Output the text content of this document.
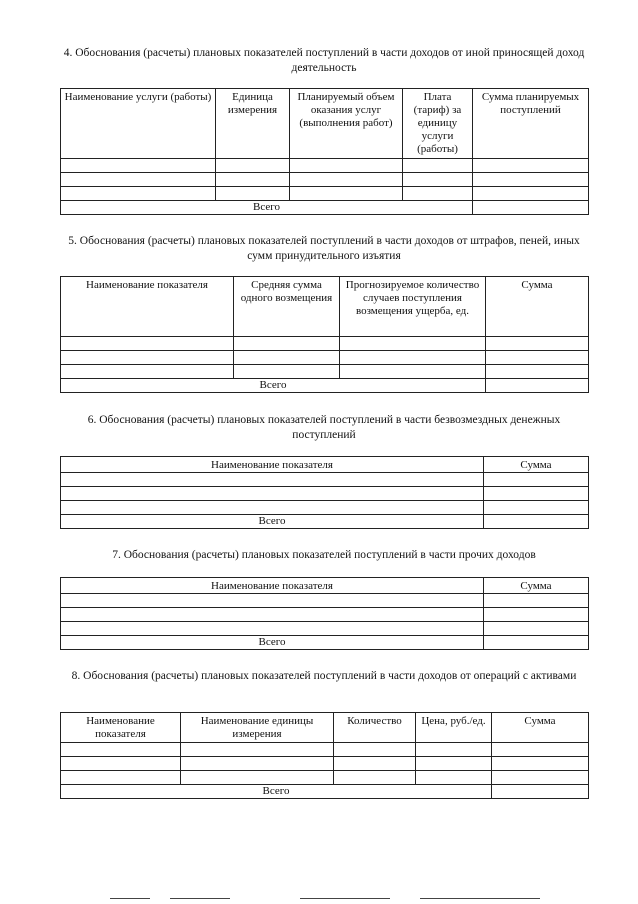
4. Обоснования (расчеты) плановых показателей поступлений в части доходов от иной приносящей доход деятельность
Наименование услуги (работы)	Единица измерения	Планируемый объем оказания услуг (выполнения работ)	Плата (тариф) за единицу услуги (работы)	Сумма планируемых поступлений

Всего				
5. Обоснования (расчеты) плановых показателей поступлений в части доходов от штрафов, пеней, иных сумм принудительного изъятия
Наименование показателя	Средняя сумма одного возмещения	Прогнозируемое количество случаев поступления возмещения ущерба, ед.	Сумма

Всего			
6. Обоснования (расчеты) плановых показателей поступлений в части безвозмездных денежных поступлений
Наименование показателя	Сумма

Всего	
7. Обоснования (расчеты) плановых показателей поступлений в части прочих доходов
Наименование показателя	Сумма

Всего	
8. Обоснования (расчеты) плановых показателей поступлений в части доходов от операций с активами
Наименование показателя	Наименование единицы измерения	Количество	Цена, руб./ед.	Сумма

Всего				
